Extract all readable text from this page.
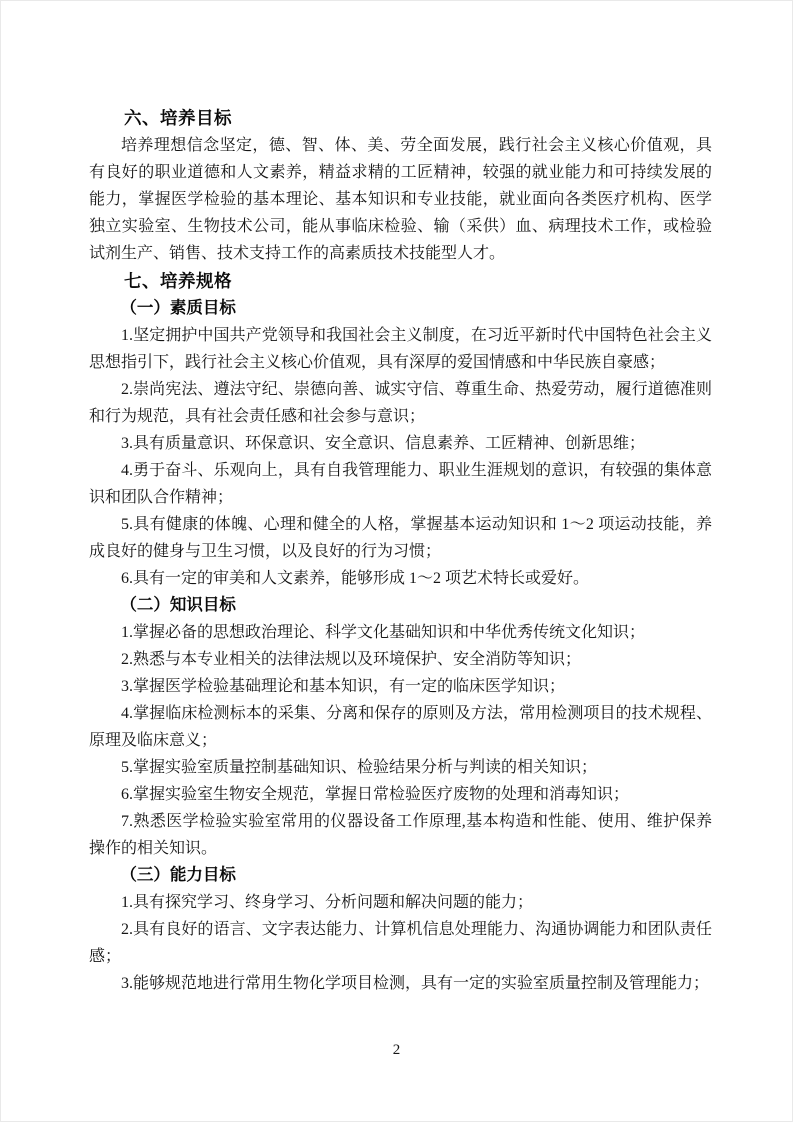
六、培养目标

培养理想信念坚定，德、智、体、美、劳全面发展，践行社会主义核心价值观，具有良好的职业道德和人文素养，精益求精的工匠精神，较强的就业能力和可持续发展的能力，掌握医学检验的基本理论、基本知识和专业技能，就业面向各类医疗机构、医学独立实验室、生物技术公司，能从事临床检验、输（采供）血、病理技术工作，或检验试剂生产、销售、技术支持工作的高素质技术技能型人才。

七、培养规格
（一）素质目标

1.坚定拥护中国共产党领导和我国社会主义制度，在习近平新时代中国特色社会主义思想指引下，践行社会主义核心价值观，具有深厚的爱国情感和中华民族自豪感；

2.崇尚宪法、遵法守纪、崇德向善、诚实守信、尊重生命、热爱劳动，履行道德准则和行为规范，具有社会责任感和社会参与意识；

3.具有质量意识、环保意识、安全意识、信息素养、工匠精神、创新思维；

4.勇于奋斗、乐观向上，具有自我管理能力、职业生涯规划的意识，有较强的集体意识和团队合作精神；

5.具有健康的体魄、心理和健全的人格，掌握基本运动知识和 1～2 项运动技能，养成良好的健身与卫生习惯，以及良好的行为习惯；

6.具有一定的审美和人文素养，能够形成 1～2 项艺术特长或爱好。

（二）知识目标

1.掌握必备的思想政治理论、科学文化基础知识和中华优秀传统文化知识；

2.熟悉与本专业相关的法律法规以及环境保护、安全消防等知识；

3.掌握医学检验基础理论和基本知识，有一定的临床医学知识；

4.掌握临床检测标本的采集、分离和保存的原则及方法，常用检测项目的技术规程、原理及临床意义；

5.掌握实验室质量控制基础知识、检验结果分析与判读的相关知识；

6.掌握实验室生物安全规范，掌握日常检验医疗废物的处理和消毒知识；

7.熟悉医学检验实验室常用的仪器设备工作原理,基本构造和性能、使用、维护保养操作的相关知识。

（三）能力目标

1.具有探究学习、终身学习、分析问题和解决问题的能力；

2.具有良好的语言、文字表达能力、计算机信息处理能力、沟通协调能力和团队责任感；

3.能够规范地进行常用生物化学项目检测，具有一定的实验室质量控制及管理能力；

2
